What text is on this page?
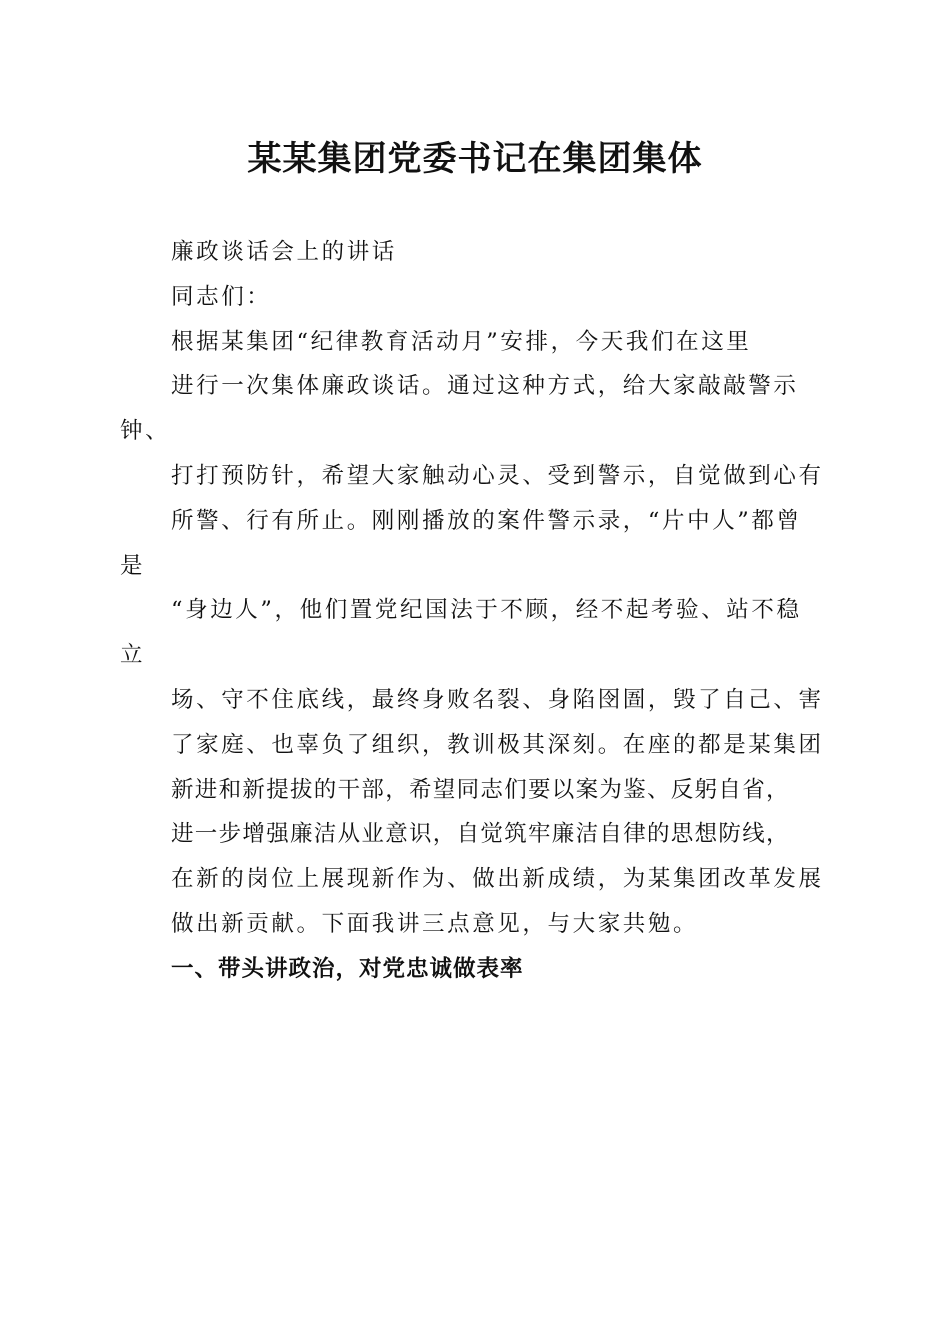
某某集团党委书记在集团集体

廉政谈话会上的讲话

同志们：

根据某集团“纪律教育活动月”安排，今天我们在这里

进行一次集体廉政谈话。通过这种方式，给大家敲敲警示钟、

打打预防针，希望大家触动心灵、受到警示，自觉做到心有

所警、行有所止。刚刚播放的案件警示录，“片中人”都曾是

“身边人”，他们置党纪国法于不顾，经不起考验、站不稳立

场、守不住底线，最终身败名裂、身陷囹圄，毁了自己、害

了家庭、也辜负了组织，教训极其深刻。在座的都是某集团

新进和新提拔的干部，希望同志们要以案为鉴、反躬自省，

进一步增强廉洁从业意识，自觉筑牢廉洁自律的思想防线，

在新的岗位上展现新作为、做出新成绩，为某集团改革发展

做出新贡献。下面我讲三点意见，与大家共勉。

一、带头讲政治，对党忠诚做表率
